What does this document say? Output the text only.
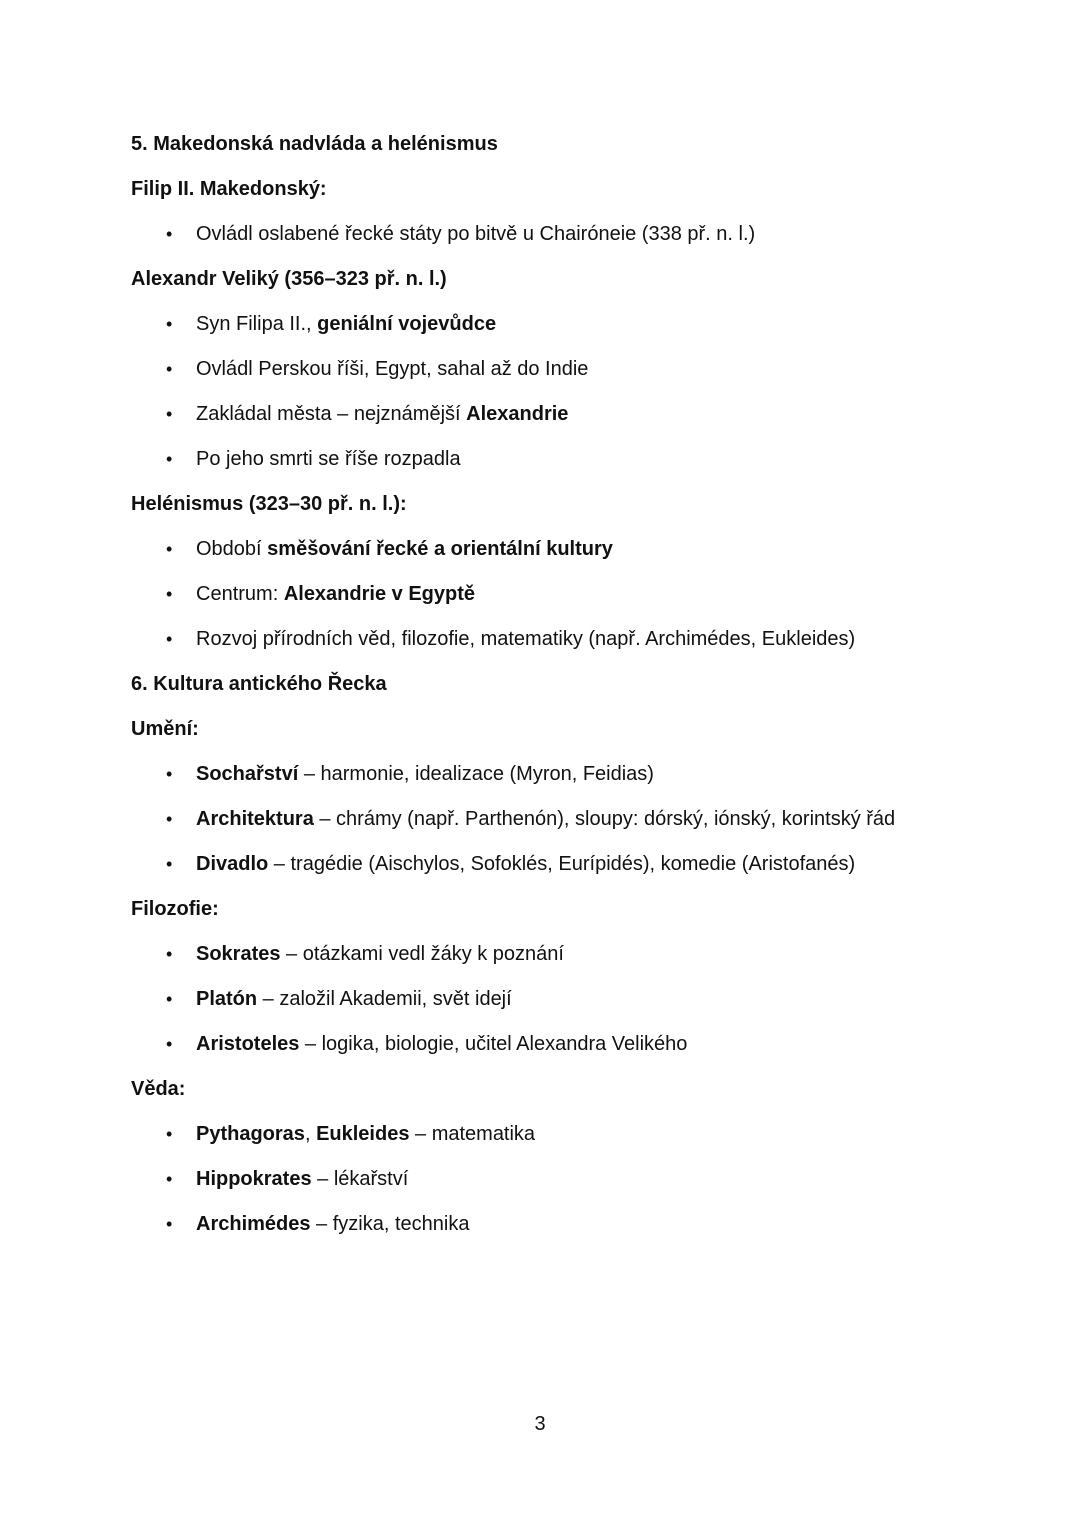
5. Makedonská nadvláda a helénismus
Filip II. Makedonský:
• Ovládl oslabené řecké státy po bitvě u Chairóneie (338 př. n. l.)
Alexandr Veliký (356–323 př. n. l.)
• Syn Filipa II., geniální vojevůdce
• Ovládl Perskou říši, Egypt, sahal až do Indie
• Zakládal města – nejznámější Alexandrie
• Po jeho smrti se říše rozpadla
Helénismus (323–30 př. n. l.):
• Období směšování řecké a orientální kultury
• Centrum: Alexandrie v Egyptě
• Rozvoj přírodních věd, filozofie, matematiky (např. Archimédes, Eukleides)
6. Kultura antického Řecka
Umění:
• Sochařství – harmonie, idealizace (Myron, Feidias)
• Architektura – chrámy (např. Parthenón), sloupy: dórský, iónský, korintský řád
• Divadlo – tragédie (Aischylos, Sofoklés, Eurípidés), komedie (Aristofanés)
Filozofie:
• Sokrates – otázkami vedl žáky k poznání
• Platón – založil Akademii, svět idejí
• Aristoteles – logika, biologie, učitel Alexandra Velikého
Věda:
• Pythagoras, Eukleides – matematika
• Hippokrates – lékařství
• Archimédes – fyzika, technika
3
